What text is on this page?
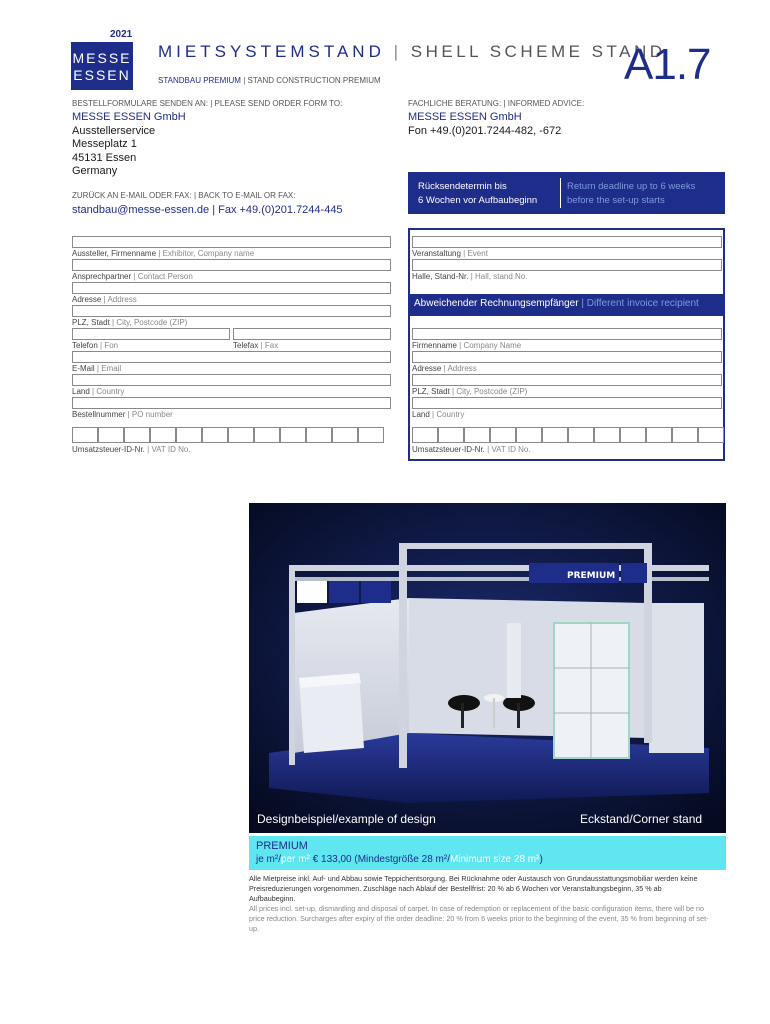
2021
MESSE
ESSEN
MIETSYSTEMSTAND | SHELL SCHEME STAND
STANDBAU PREMIUM | STAND CONSTRUCTION PREMIUM	A1.7
BESTELLFORMULARE SENDEN AN: | PLEASE SEND ORDER FORM TO:
MESSE ESSEN GmbH
Ausstellerservice
Messeplatz 1
45131 Essen
Germany
ZURÜCK AN E-MAIL ODER FAX: | BACK TO E-MAIL OR FAX:
standbau@messe-essen.de | Fax +49.(0)201.7244-445
FACHLICHE BERATUNG: | INFORMED ADVICE:
MESSE ESSEN GmbH
Fon +49.(0)201.7244-482, -672
Rücksendetermin bis
6 Wochen vor Aufbaubeginn
Return deadline up to 6 weeks
before the set-up starts
Aussteller, Firmenname | Exhibitor, Company name
Ansprechpartner | Contact Person
Adresse | Address
PLZ, Stadt | City, Postcode (ZIP)
Telefon | Fon	Telefax | Fax
E-Mail | Email
Land | Country
Bestellnummer | PO number
Umsatzsteuer-ID-Nr. | VAT ID No.
Veranstaltung | Event
Halle, Stand-Nr. | Hall, stand No.
Abweichender Rechnungsempfänger | Different invoice recipient
Firmenname | Company Name
Adresse | Address
PLZ, Stadt | City, Postcode (ZIP)
Land | Country
Umsatzsteuer-ID-Nr. | VAT ID No.
PREMIUM
Designbeispiel/example of design	Eckstand/Corner stand
PREMIUM
je m²/per m² € 133,00 (Mindestgröße 28 m²/Minimum size 28 m²)
Alle Mietpreise inkl. Auf- und Abbau sowie Teppichentsorgung. Bei Rücknahme oder Austausch von Grundausstattungsmobiliar werden keine Preisreduzierungen vorgenommen. Zuschläge nach Ablauf der Bestellfrist: 20 % ab 6 Wochen vor Veranstaltungsbeginn, 35 % ab Aufbaubeginn.
All prices incl. set-up, dismantling and disposal of carpet. In case of redemption or replacement of the basic configuration items, there will be no price reduction. Surcharges after expiry of the order deadline: 20 % from 6 weeks prior to the beginning of the event, 35 % from beginning of set-up.
